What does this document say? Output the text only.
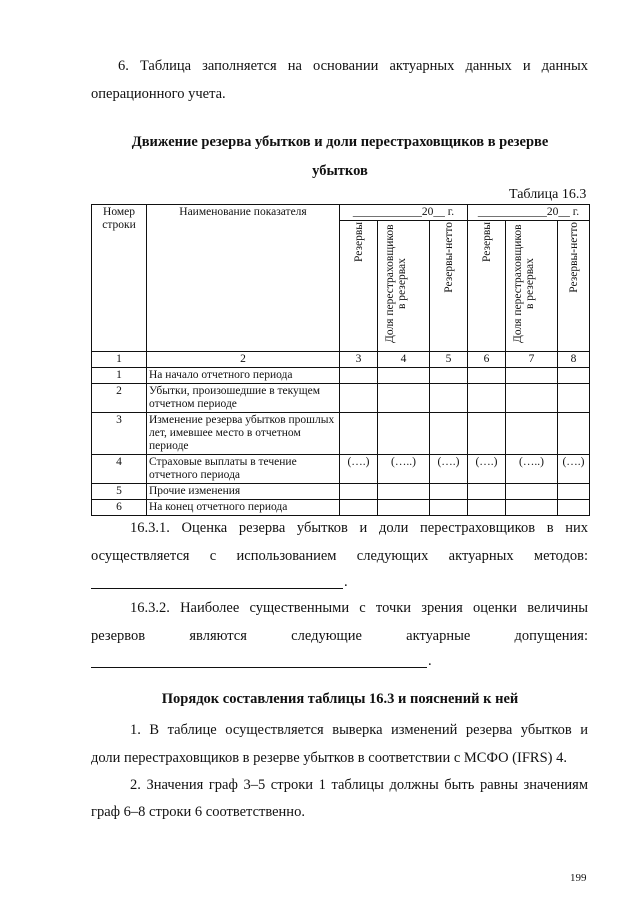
6. Таблица заполняется на основании актуарных данных и данных
операционного учета.
Движение резерва убытков и доли перестраховщиков в резерве
убытков
Таблица 16.3
Номер строки	Наименование показателя	____________20__ г.			____________20__ г.		
		Резервы	Доля перестраховщиков в резервах	Резервы-нетто	Резервы	Доля перестраховщиков в резервах	Резервы-нетто
1	2	3	4	5	6	7	8
1	На начало отчетного периода						
2	Убытки, произошедшие в текущем отчетном периоде						
3	Изменение резерва убытков прошлых лет, имевшее место в отчетном периоде						
4	Страховые выплаты в течение отчетного периода	(….)	(…..)	(….)	(….)	(…..)	(….)
5	Прочие изменения						
6	На конец отчетного периода						
16.3.1. Оценка резерва убытков и доли перестраховщиков в них
осуществляется с использованием следующих актуарных методов:
.
16.3.2. Наиболее существенными с точки зрения оценки величины
резервов являются следующие актуарные допущения:
.
Порядок составления таблицы 16.3 и пояснений к ней
1. В таблице осуществляется выверка изменений резерва убытков и
доли перестраховщиков в резерве убытков в соответствии с МСФО (IFRS) 4.
2. Значения граф 3–5 строки 1 таблицы должны быть равны значениям
граф 6–8 строки 6 соответственно.
199
